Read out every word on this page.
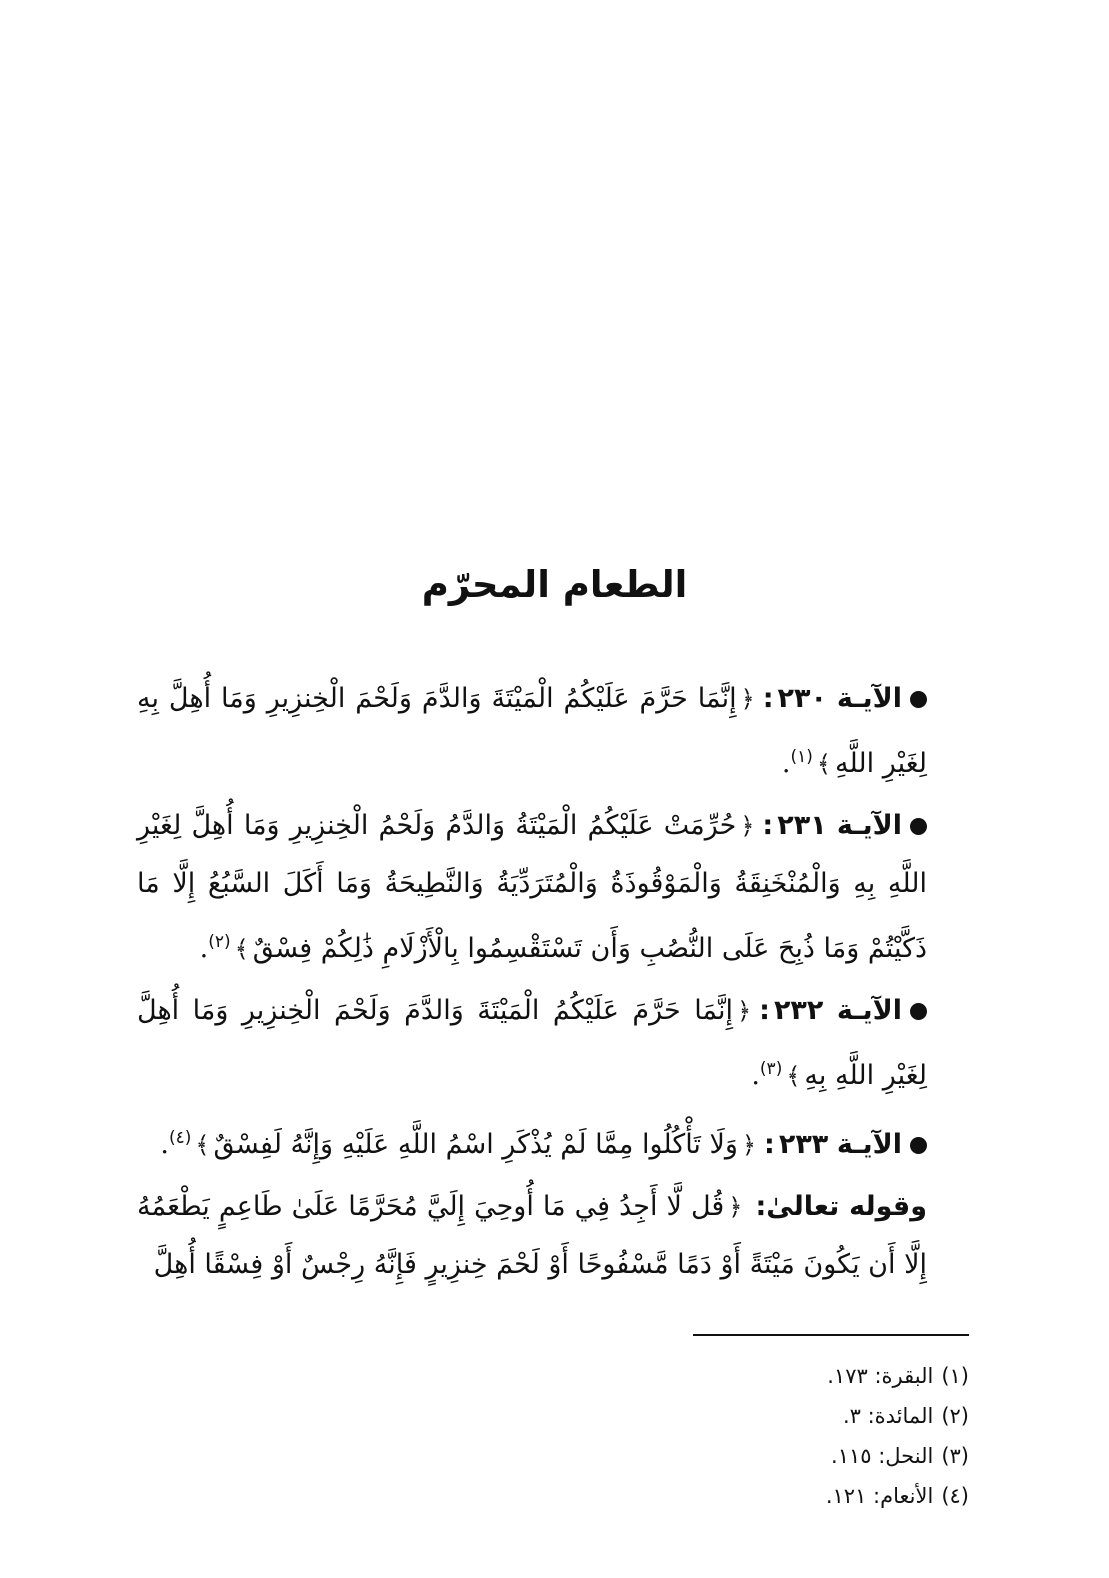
الطعام المحرّم

الآيـة ٢٣٠:﴿إِنَّمَا حَرَّمَ عَلَيْكُمُ الْمَيْتَةَ وَالدَّمَ وَلَحْمَ الْخِنزِيرِ وَمَا أُهِلَّ بِهِ لِغَيْرِ اللَّهِ﴾$^{(١)}$.

الآيـة ٢٣١:﴿حُرِّمَتْ عَلَيْكُمُ الْمَيْتَةُ وَالدَّمُ وَلَحْمُ الْخِنزِيرِ وَمَا أُهِلَّ لِغَيْرِ اللَّهِ بِهِ وَالْمُنْخَنِقَةُ وَالْمَوْقُوذَةُ وَالْمُتَرَدِّيَةُ وَالنَّطِيحَةُ وَمَا أَكَلَ السَّبُعُ إِلَّا مَا ذَكَّيْتُمْ وَمَا ذُبِحَ عَلَى النُّصُبِ وَأَن تَسْتَقْسِمُوا بِالْأَزْلَامِ ذَٰلِكُمْ فِسْقٌ﴾$^{(٢)}$.

الآيـة ٢٣٢:﴿إِنَّمَا حَرَّمَ عَلَيْكُمُ الْمَيْتَةَ وَالدَّمَ وَلَحْمَ الْخِنزِيرِ وَمَا أُهِلَّ لِغَيْرِ اللَّهِ بِهِ﴾$^{(٣)}$.

الآيـة ٢٣٣:﴿وَلَا تَأْكُلُوا مِمَّا لَمْ يُذْكَرِ اسْمُ اللَّهِ عَلَيْهِ وَإِنَّهُ لَفِسْقٌ﴾$^{(٤)}$.

وقوله تعالىٰ: ﴿قُل لَّا أَجِدُ فِي مَا أُوحِيَ إِلَيَّ مُحَرَّمًا عَلَىٰ طَاعِمٍ يَطْعَمُهُ إِلَّا أَن يَكُونَ مَيْتَةً أَوْ دَمًا مَّسْفُوحًا أَوْ لَحْمَ خِنزِيرٍ فَإِنَّهُ رِجْسٌ أَوْ فِسْقًا أُهِلَّ

(١)البقرة: ١٧٣.
(٢)المائدة: ٣.
(٣)النحل: ١١٥.
(٤)الأنعام: ١٢١.
